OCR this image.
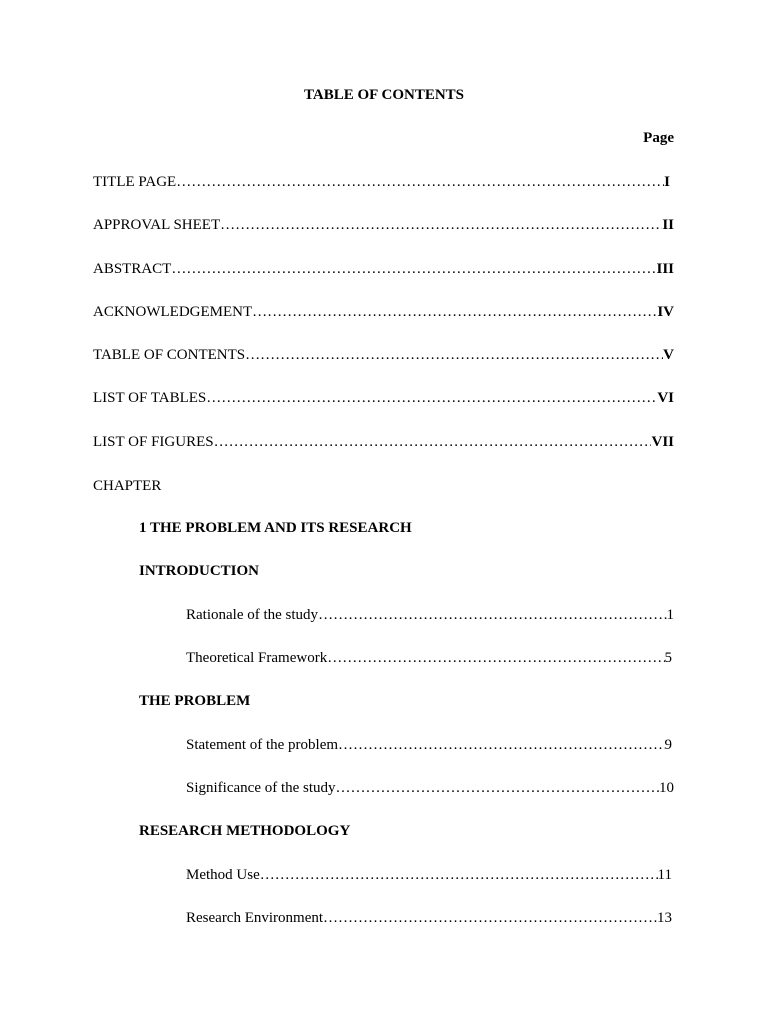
TABLE OF CONTENTS
Page
TITLE PAGE ………………………………………………………………………………………………………………………………………………………………………………………………	I
APPROVAL SHEET ………………………………………………………………………………………………………………………………………………………………………………………………	II
ABSTRACT ………………………………………………………………………………………………………………………………………………………………………………………………	III
ACKNOWLEDGEMENT ………………………………………………………………………………………………………………………………………………………………………………………………	IV
TABLE OF CONTENTS ………………………………………………………………………………………………………………………………………………………………………………………………	V
LIST OF TABLES ………………………………………………………………………………………………………………………………………………………………………………………………	VI
LIST OF FIGURES ………………………………………………………………………………………………………………………………………………………………………………………………	VII
CHAPTER
1 THE PROBLEM AND ITS RESEARCH
INTRODUCTION
Rationale of the study ………………………………………………………………………………………………………………………………………………………………………………………………	1
Theoretical Framework ………………………………………………………………………………………………………………………………………………………………………………………………	5
THE PROBLEM
Statement of the problem ………………………………………………………………………………………………………………………………………………………………………………………………	9
Significance of the study ………………………………………………………………………………………………………………………………………………………………………………………………	10
RESEARCH METHODOLOGY
Method Use ………………………………………………………………………………………………………………………………………………………………………………………………	11
Research Environment ………………………………………………………………………………………………………………………………………………………………………………………………	13
